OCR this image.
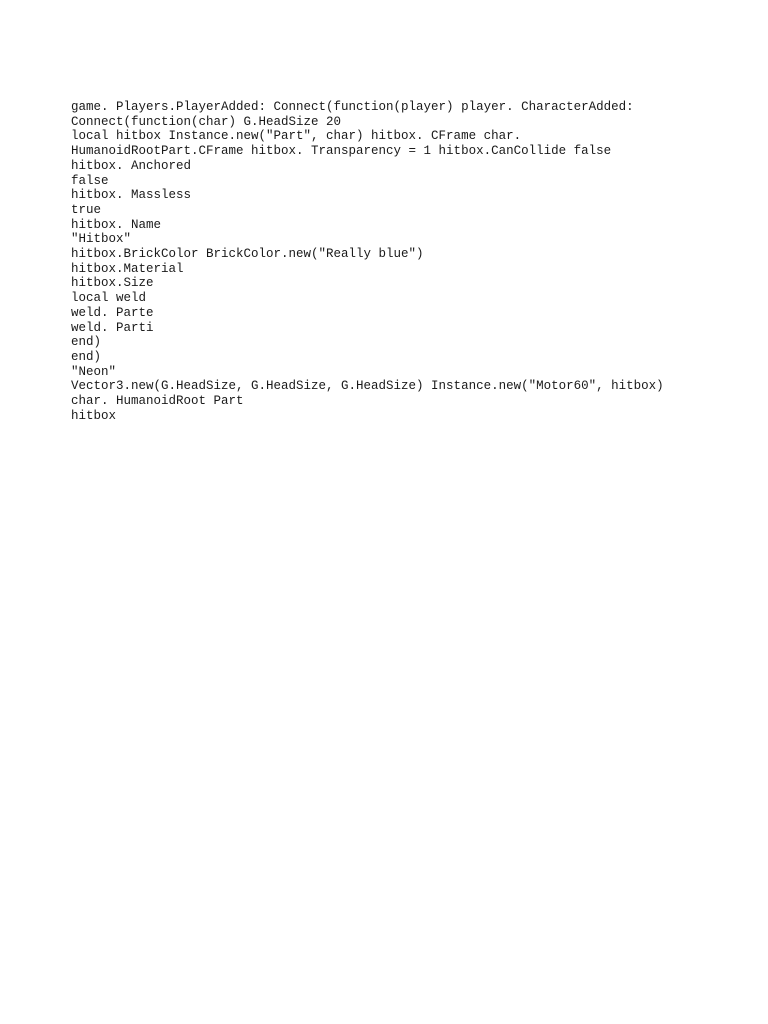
game. Players.PlayerAdded: Connect(function(player) player. CharacterAdded:
Connect(function(char) G.HeadSize 20
local hitbox Instance.new("Part", char) hitbox. CFrame char.
HumanoidRootPart.CFrame hitbox. Transparency = 1 hitbox.CanCollide false
hitbox. Anchored
false
hitbox. Massless
true
hitbox. Name
"Hitbox"
hitbox.BrickColor BrickColor.new("Really blue")
hitbox.Material
hitbox.Size
local weld
weld. Parte
weld. Parti
end)
end)
"Neon"
Vector3.new(G.HeadSize, G.HeadSize, G.HeadSize) Instance.new("Motor60", hitbox)
char. HumanoidRoot Part
hitbox
